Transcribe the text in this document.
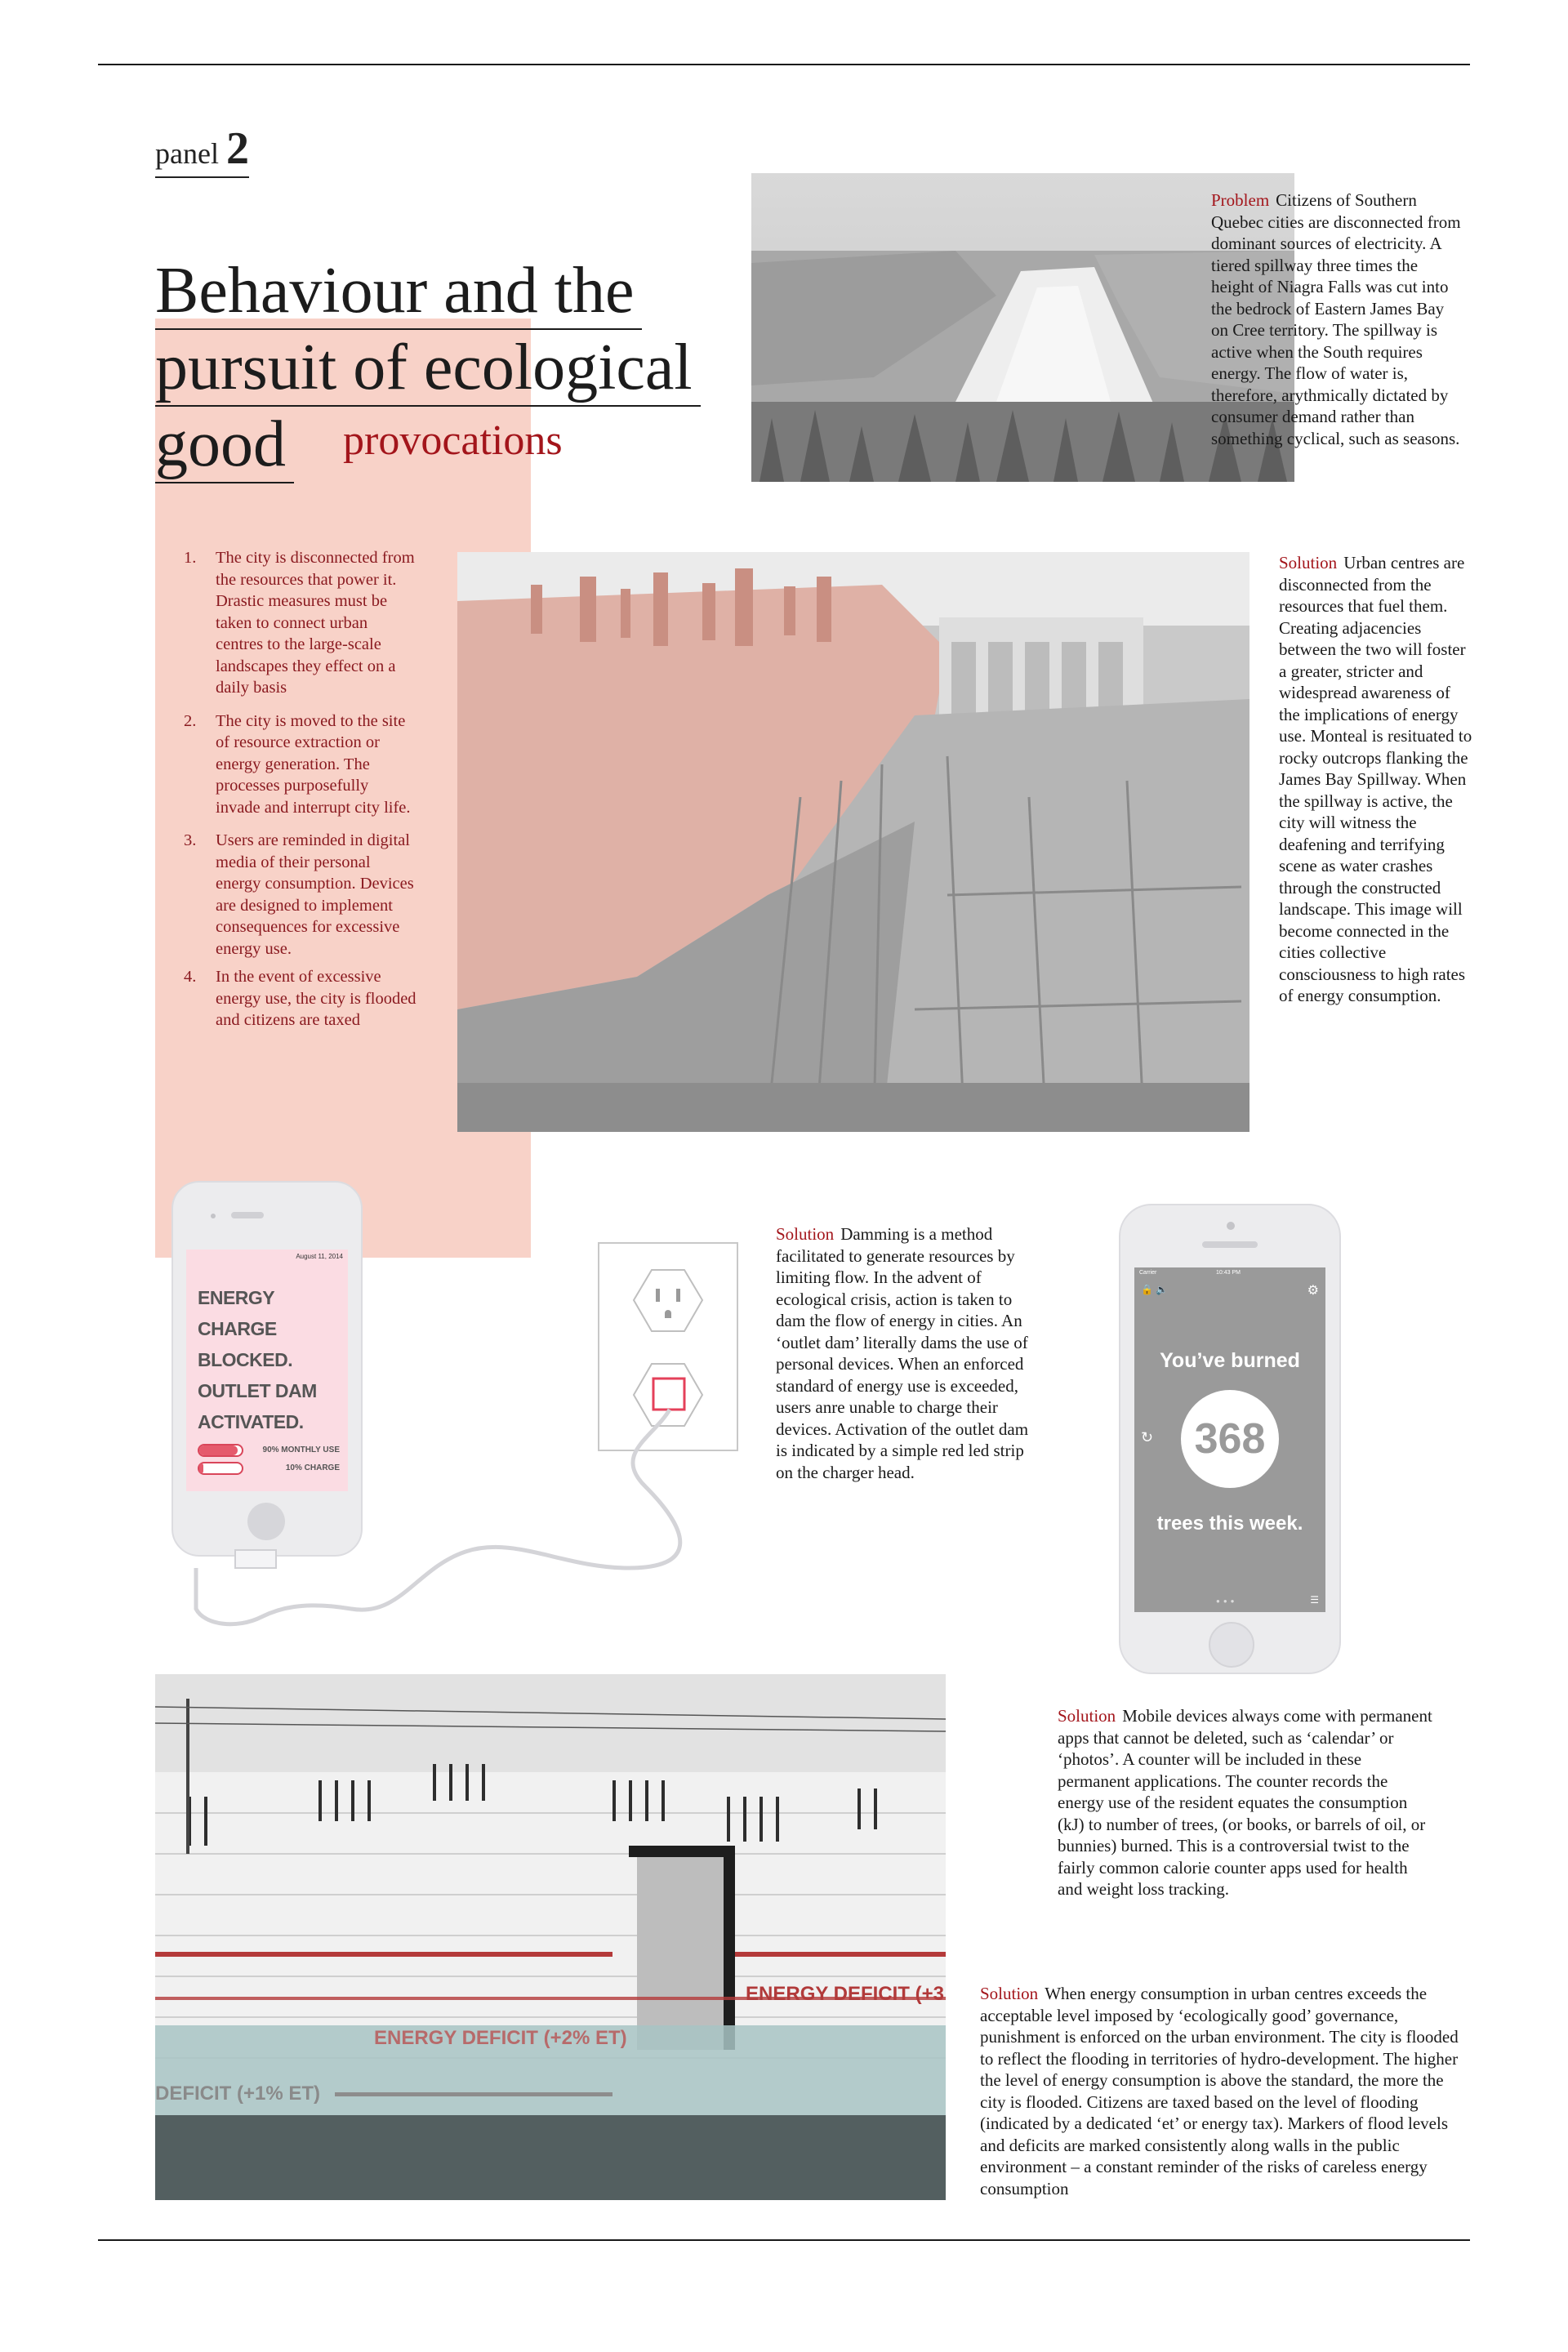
panel 2
Behaviour and the
pursuit of ecological
good	provocations
1. The city is disconnected from the resources that power it. Drastic measures must be taken to connect urban centres to the large-scale landscapes they effect on a daily basis
2. The city is moved to the site of resource extraction or energy generation. The processes purposefully invade and interrupt city life.
3. Users are reminded in digital media of their personal energy consumption. Devices are designed to implement consequences for excessive energy use.
4. In the event of excessive energy use, the city is flooded and citizens are taxed
Problem Citizens of Southern Quebec cities are disconnected from dominant sources of electricity. A tiered spillway three times the height of Niagra Falls was cut into the bedrock of Eastern James Bay on Cree territory. The spillway is active when the South requires energy. The flow of water is, therefore, arythmically dictated by consumer demand rather than something cyclical, such as seasons.
Solution Urban centres are disconnected from the resources that fuel them. Creating adjacencies between the two will foster a greater, stricter and widespread awareness of the implications of energy use. Monteal is resituated to rocky outcrops flanking the James Bay Spillway. When the spillway is active, the city will witness the deafening and terrifying scene as water crashes through the constructed landscape. This image will become connected in the cities collective consciousness to high rates of energy consumption.
August 11, 2014
ENERGY CHARGE
BLOCKED.
OUTLET DAM
ACTIVATED.
90% MONTHLY USE
10% CHARGE
Solution Damming is a method facilitated to generate resources by limiting flow. In the advent of ecological crisis, action is taken to dam the flow of energy in cities. An ‘outlet dam’ literally dams the use of personal devices. When an enforced standard of energy use is exceeded, users anre unable to charge their devices. Activation of the outlet dam is indicated by a simple red led strip on the charger head.
Carrier	10:43 PM
🔒 🔈	⚙
You’ve burned
368
↻
trees this week.
●●●	☰
Solution Mobile devices always come with permanent apps that cannot be deleted, such as ‘calendar’ or ‘photos’. A counter will be included in these permanent applications. The counter records the energy use of the resident equates the consumption (kJ) to number of trees, (or books, or barrels of oil, or bunnies) burned. This is a controversial twist to the fairly common calorie counter apps used for health and weight loss tracking.
ENERGY DEFICIT (+3
ENERGY DEFICIT (+2% ET)
DEFICIT (+1% ET)
Solution When energy consumption in urban centres exceeds the acceptable level imposed by ‘ecologically good’ governance, punishment is enforced on the urban environment. The city is flooded to reflect the flooding in territories of hydro-development. The higher the level of energy consumption is above the standard, the more the city is flooded. Citizens are taxed based on the level of flooding (indicated by a dedicated ‘et’ or energy tax). Markers of flood levels and deficits are marked consistently along walls in the public environment – a constant reminder of the risks of careless energy consumption
